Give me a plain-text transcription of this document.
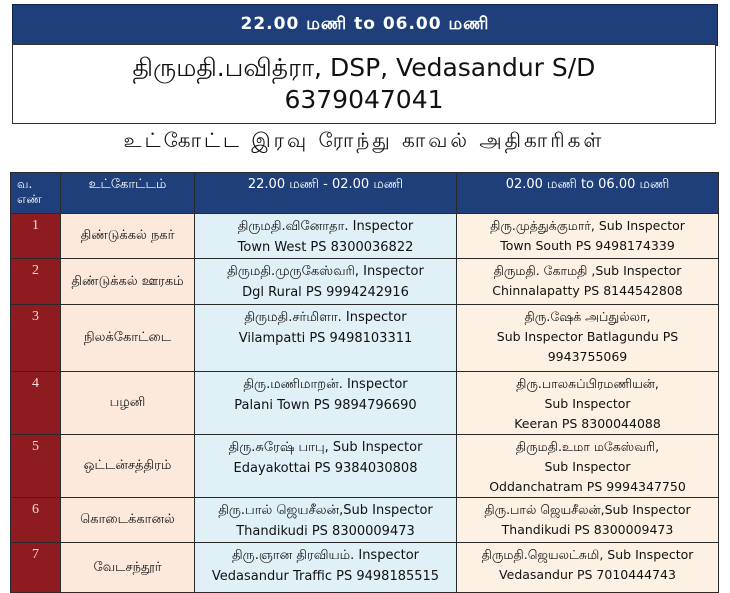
22.00 மணி to 06.00 மணி
திருமதி.பவித்ரா, DSP, Vedasandur S/D
6379047041
உட்கோட்ட இரவு ரோந்து காவல் அதிகாரிகள்
வ. எண்	உட்கோட்டம்	22.00 மணி - 02.00 மணி	02.00 மணி to 06.00 மணி
1	திண்டுக்கல் நகர்	திருமதி.வினோதா. Inspector
Town West PS 8300036822	திரு.முத்துக்குமார், Sub Inspector
Town South PS 9498174339

2	திண்டுக்கல் ஊரகம்	திருமதி.முருகேஸ்வரி, Inspector
Dgl Rural PS 9994242916	திருமதி. கோமதி ,Sub Inspector
Chinnalapatty PS 8144542808

3	நிலக்கோட்டை	திருமதி.சர்மிளா. Inspector
Vilampatti PS 9498103311	திரு.ஷேக் அப்துல்லா,
Sub Inspector Batlagundu PS
9943755069

4	பழனி	திரு.மணிமாறன். Inspector
Palani Town PS 9894796690	திரு.பாலசுப்பிரமணியன்,
Sub Inspector
Keeran PS 8300044088

5	ஒட்டன்சத்திரம்	திரு.சுரேஷ் பாபு, Sub Inspector
Edayakottai PS 9384030808	திருமதி.உமா மகேஸ்வரி,
Sub Inspector
Oddanchatram PS 9994347750

6	கொடைக்கானல்	திரு.பால் ஜெயசீலன்,Sub Inspector
Thandikudi PS 8300009473	திரு.பால் ஜெயசீலன்,Sub Inspector
Thandikudi PS 8300009473

7	வேடசந்தூர்	திரு.ஞான திரவியம். Inspector
Vedasandur Traffic PS 9498185515	திருமதி.ஜெயலட்சுமி, Sub Inspector
Vedasandur PS 7010444743
